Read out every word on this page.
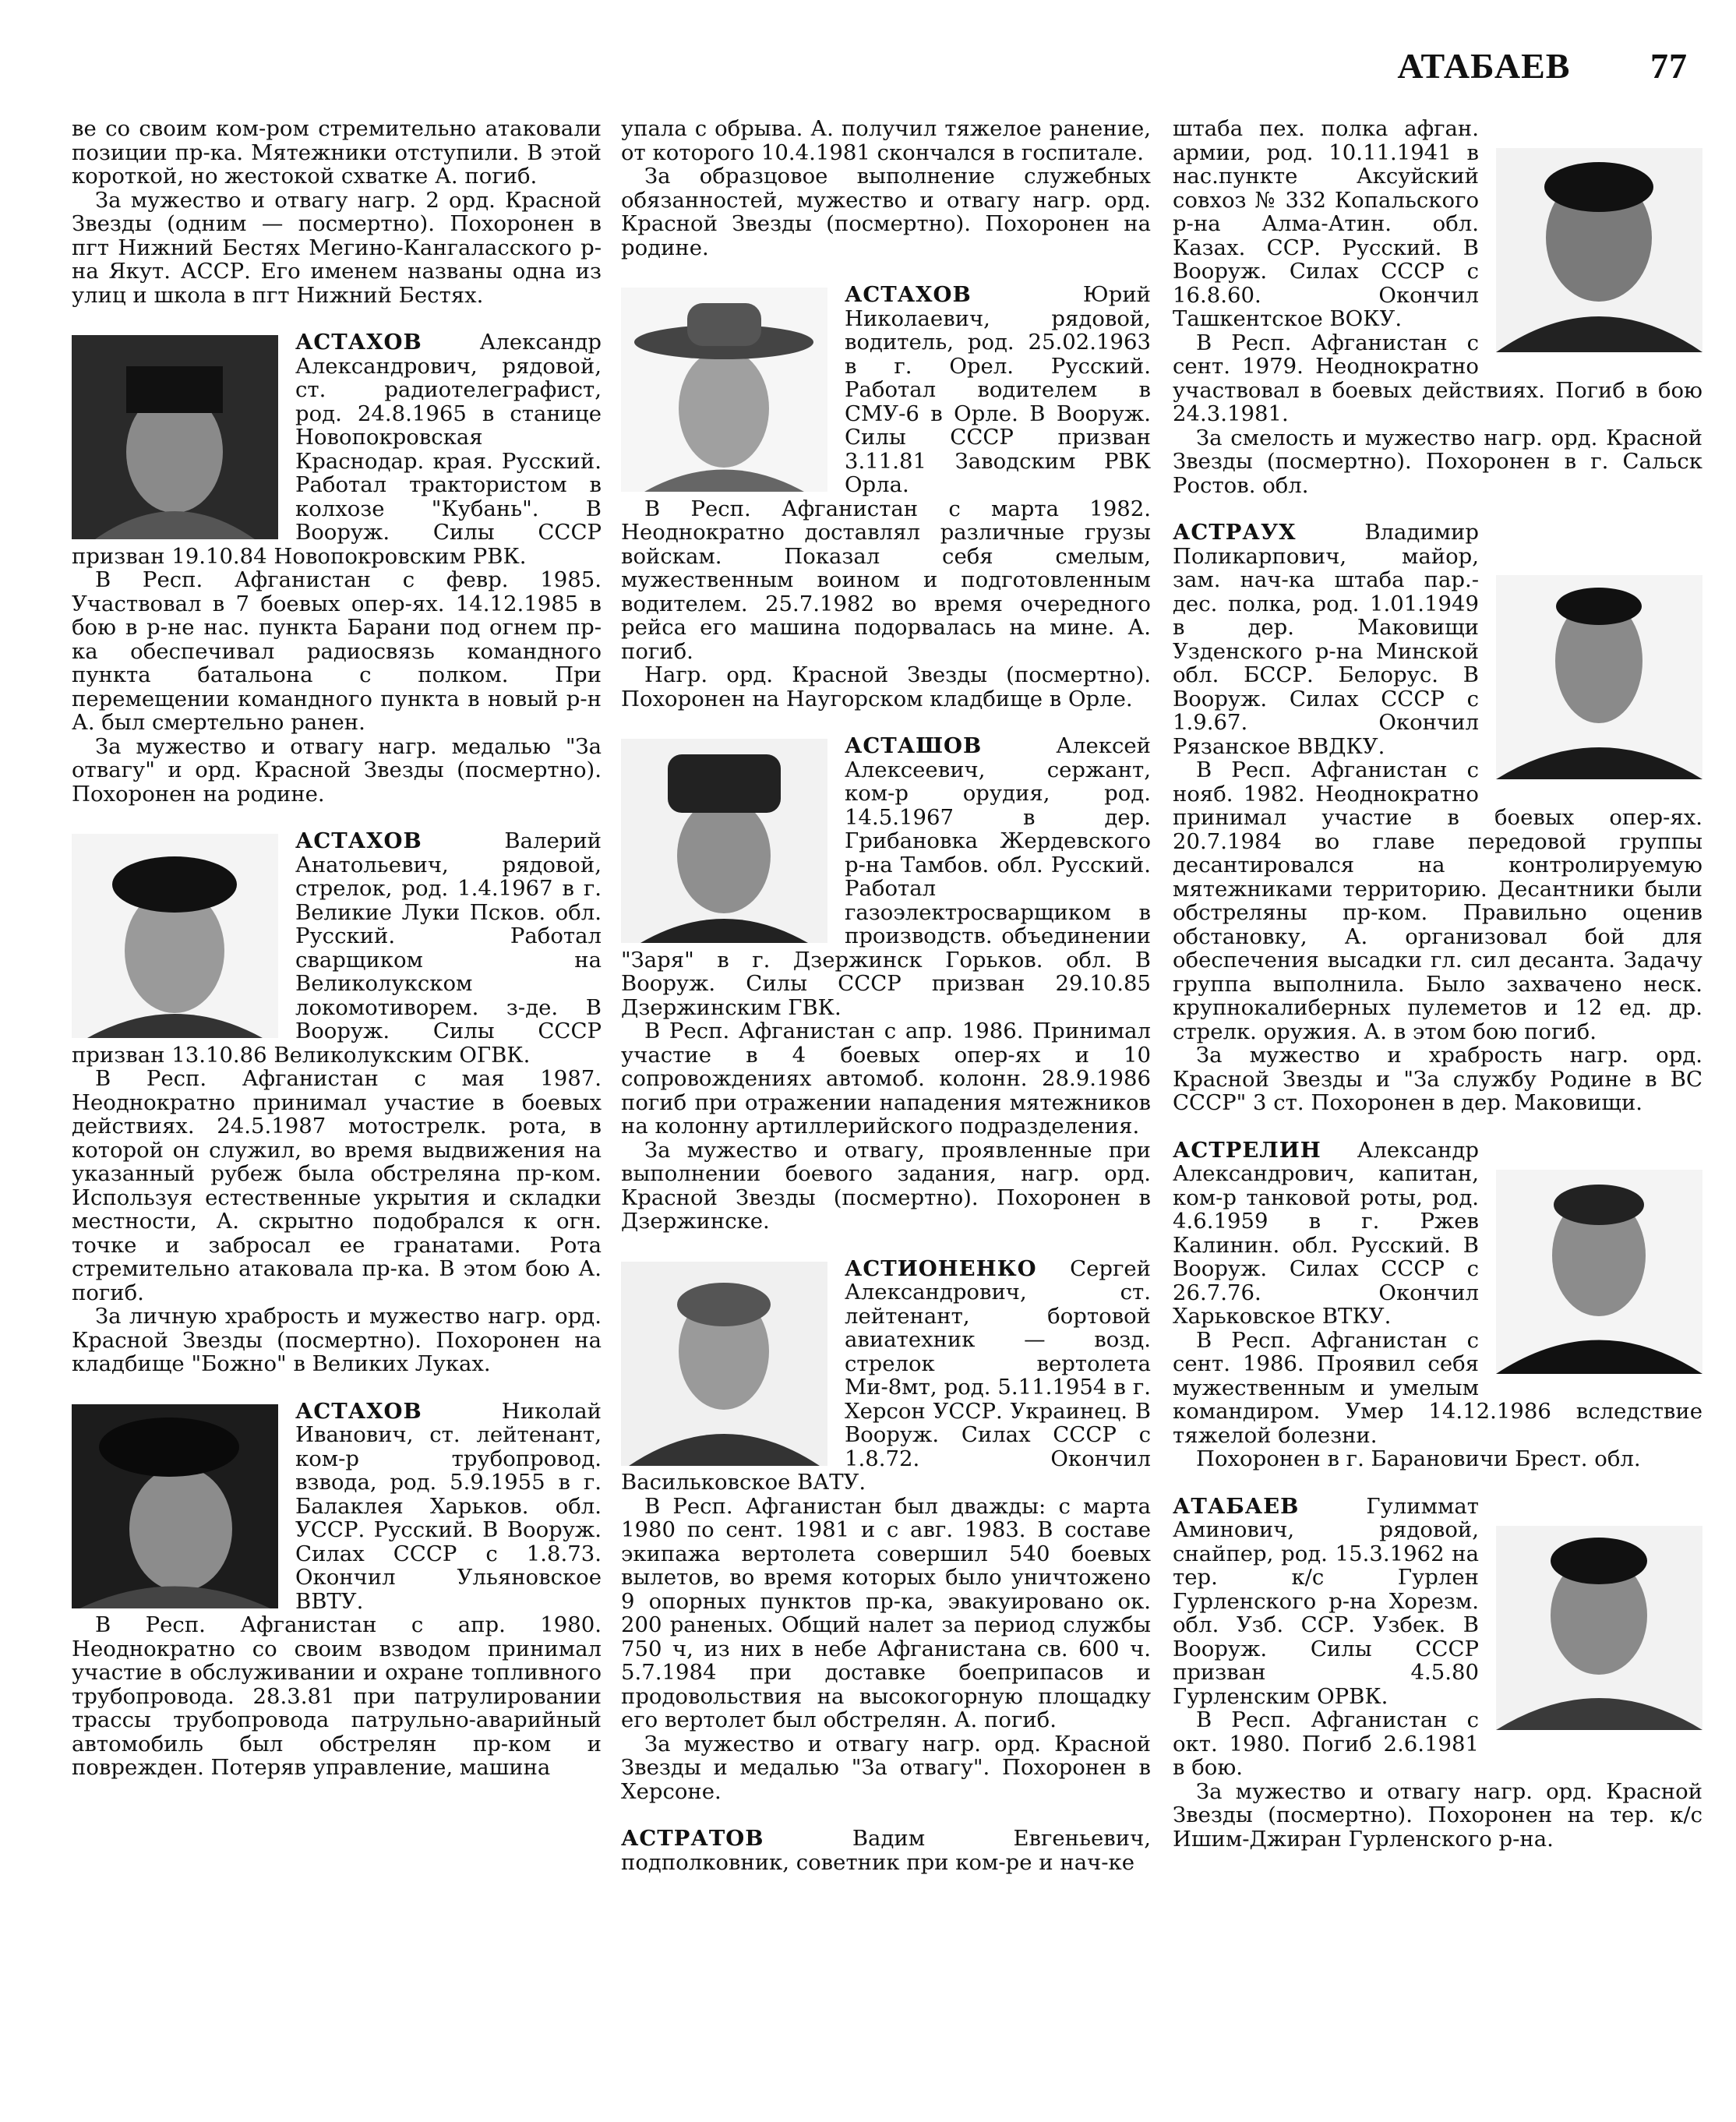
АТАБАЕВ 77

ве со своим ком-ром стремительно атаковали позиции пр-ка. Мятежники отступили. В этой короткой, но жестокой схватке А. погиб.

За мужество и отвагу нагр. 2 орд. Красной Звезды (одним — посмертно). Похоронен в пгт Нижний Бестях Мегино-Кангаласского р-на Якут. АССР. Его именем названы одна из улиц и школа в пгт Нижний Бестях.

АСТАХОВ	Александр Александрович, рядовой, ст. радиотелеграфист, род. 24.8.1965 в станице Новопокровская Краснодар. края. Русский. Работал трактористом в колхозе "Кубань". В Вооруж. Силы СССР призван 19.10.84 Новопокровским РВК.

В Респ. Афганистан с февр. 1985. Участвовал в 7 боевых опер-ях. 14.12.1985 в бою в р-не нас. пункта Барани под огнем пр-ка обеспечивал радиосвязь командного пункта батальона с полком. При перемещении командного пункта в новый р-н А. был смертельно ранен.

За мужество и отвагу нагр. медалью "За отвагу" и орд. Красной Звезды (посмертно). Похоронен на родине.

АСТАХОВ	Валерий Анатольевич, рядовой, стрелок, род. 1.4.1967 в г. Великие Луки Псков. обл. Руcский. Работал сварщиком на Великолукском локомотиворем. з-де. В Вооруж. Силы СССР призван 13.10.86 Великолукским ОГВК.

В Респ. Афганистан с мая 1987. Неоднократно принимал участие в боевых действиях. 24.5.1987 мотострелк. рота, в которой он служил, во время выдвижения на указанный рубеж была обстреляна пр-ком. Используя естественные укрытия и складки местности, А. скрытно подобрался к огн. точке и забросал ее гранатами. Рота стремительно атаковала пр-ка. В этом бою А. погиб.

За личную храбрость и мужество нагр. орд. Красной Звезды (посмертно). Похоронен на кладбище "Божно" в Великих Луках.

АСТАХОВ	Николай Иванович, ст. лейтенант, ком-р трубопровод. взвода, род. 5.9.1955 в г. Балаклея Харьков. обл. УССР. Русский. В Вооруж. Силах СССР с 1.8.73. Окончил Ульяновское ВВТУ.

В Респ. Афганистан с апр. 1980. Неоднократно со своим взводом принимал участие в обслуживании и охране топливного трубопровода. 28.3.81 при патрулировании трассы трубопровода патрульно-аварийный автомобиль был обстрелян пр-ком и поврежден. Потеряв управление, машина

упала с обрыва. А. получил тяжелое ранение, от которого 10.4.1981 скончался в госпитале.

За образцовое выполнение служебных обязанностей, мужество и отвагу нагр. орд. Красной Звезды (посмертно). Похоронен на родине.

АСТАХОВ	Юрий Николаевич, рядовой, водитель, род. 25.02.1963 в г. Орел. Русский. Работал водителем в СМУ-6 в Орле. В Вооруж. Силы СССР призван 3.11.81 Заводским РВК Орла.

В Респ. Афганистан с марта 1982. Неоднократно доставлял различные грузы войскам. Показал себя смелым, мужественным воином и подготовленным водителем. 25.7.1982 во время очередного рейса его машина подорвалась на мине. А. погиб.

Нагр. орд. Красной Звезды (посмертно). Похоронен на Наугорском кладбище в Орле.

АСТАШОВ	Алексей Алексеевич, сержант, ком-р орудия, род. 14.5.1967 в дер. Грибановка Жердевского р-на Тамбов. обл. Русский. Работал газоэлектросварщиком в производств. объединении "Заря" в г. Дзержинск Горьков. обл. В Вооруж. Силы СССР призван 29.10.85 Дзержинским ГВК.

В Респ. Афганистан с апр. 1986. Принимал участие в 4 боевых опер-ях и 10 сопровождениях автомоб. колонн. 28.9.1986 погиб при отражении нападения мятежников на колонну артиллерийского подразделения.

За мужество и отвагу, проявленные при выполнении боевого задания, нагр. орд. Красной Звезды (посмертно). Похоронен в Дзержинске.

АСТИОНЕНКО Сергей Александрович, ст. лейтенант, бортовой авиатехник — возд. стрелок вертолета Ми-8мт, род. 5.11.1954 в г. Херсон УССР. Украинец. В Вооруж. Силах СССР с 1.8.72. Окончил Васильковское ВАТУ.

В Респ. Афганистан был дважды: с марта 1980 по сент. 1981 и с авг. 1983. В составе экипажа вертолета совершил 540 боевых вылетов, во время которых было уничтожено 9 опорных пунктов пр-ка, эвакуировано ок. 200 раненых. Общий налет за период службы 750 ч, из них в небе Афганистана св. 600 ч. 5.7.1984 при доставке боеприпасов и продовольствия на высокогорную площадку его вертолет был обстрелян. А. погиб.

За мужество и отвагу нагр. орд. Красной Звезды и медалью "За отвагу". Похоронен в Херсоне.

АСТРАТОВ	Вадим Евгеньевич, подполковник, советник при ком-ре и нач-ке

штаба пех. полка афган. армии, род. 10.11.1941 в нас.пункте Аксуйский совхоз № 332 Копальского р-на Алма-Атин. обл. Казах. ССР. Русский. В Вооруж. Силах СССР с 16.8.60. Окончил Ташкентское ВОКУ.

В Респ. Афганистан с сент. 1979. Неоднократно участвовал в боевых действиях. Погиб в бою 24.3.1981.

За смелость и мужество нагр. орд. Красной Звезды (посмертно). Похоронен в г. Сальск Ростов. обл.

АСТРАУХ	Владимир Поликарпович, майор, зам. нач-ка штаба пар.-дес. полка, род. 1.01.1949 в дер. Маковищи Узденского р-на Минской обл. БССР. Белорус. В Вооруж. Силах СССР с 1.9.67. Окончил Рязанское ВВДКУ.

В Респ. Афганистан с нояб. 1982. Неоднократно принимал участие в боевых опер-ях. 20.7.1984 во главе передовой группы десантировался на контролируемую мятежниками территорию. Десантники были обстреляны пр-ком. Правильно оценив обстановку, А. организовал бой для обеспечения высадки гл. сил десанта. Задачу группа выполнила. Было захвачено неск. крупнокалиберных пулеметов и 12 ед. др. стрелк. оружия. А. в этом бою погиб.

За мужество и храбрость нагр. орд. Красной Звезды и "За службу Родине в ВС СССР" 3 ст. Похоронен в дер. Маковищи.

АСТРЕЛИН Александр Александрович, капитан, ком-р танковой роты, род. 4.6.1959 в г. Ржев Калинин. обл. Русский. В Вооруж. Силах СССР с 26.7.76. Окончил Харьковское ВТКУ.

В Респ. Афганистан с сент. 1986. Проявил себя мужественным и умелым командиром. Умер 14.12.1986 вследствие тяжелой болезни.

Похоронен в г. Барановичи Брест. обл.

АТАБАЕВ	Гулиммат Аминович, рядовой, снайпер, род. 15.3.1962 на тер. к/с Гурлен Гурленского р-на Хорезм. обл. Узб. ССР. Узбек. В Вооруж. Силы СССР призван 4.5.80 Гурленским ОРВК.

В Респ. Афганистан с окт. 1980. Погиб 2.6.1981 в бою.

За мужество и отвагу нагр. орд. Красной Звезды (посмертно). Похоронен на тер. к/с Ишим-Джиран Гурленского р-на.
